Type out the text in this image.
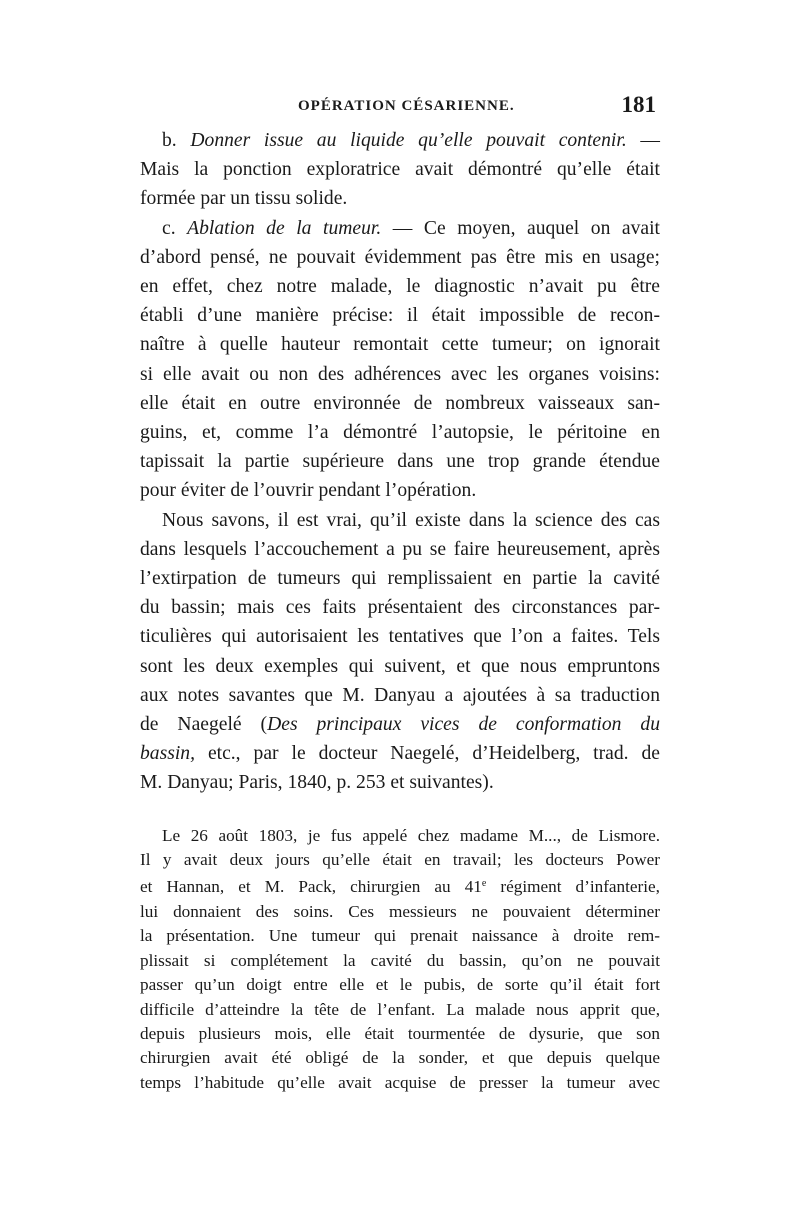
OPÉRATION CÉSARIENNE.	181
b. Donner issue au liquide qu’elle pouvait contenir. —
Mais la ponction exploratrice avait démontré qu’elle était
formée par un tissu solide.
c. Ablation de la tumeur. — Ce moyen, auquel on avait
d’abord pensé, ne pouvait évidemment pas être mis en usage;
en effet, chez notre malade, le diagnostic n’avait pu être
établi d’une manière précise: il était impossible de recon-
naître à quelle hauteur remontait cette tumeur; on ignorait
si elle avait ou non des adhérences avec les organes voisins:
elle était en outre environnée de nombreux vaisseaux san-
guins, et, comme l’a démontré l’autopsie, le péritoine en
tapissait la partie supérieure dans une trop grande étendue
pour éviter de l’ouvrir pendant l’opération.
Nous savons, il est vrai, qu’il existe dans la science des cas
dans lesquels l’accouchement a pu se faire heureusement, après
l’extirpation de tumeurs qui remplissaient en partie la cavité
du bassin; mais ces faits présentaient des circonstances par-
ticulières qui autorisaient les tentatives que l’on a faites. Tels
sont les deux exemples qui suivent, et que nous empruntons
aux notes savantes que M. Danyau a ajoutées à sa traduction
de Naegelé (Des principaux vices de conformation du
bassin, etc., par le docteur Naegelé, d’Heidelberg, trad. de
M. Danyau; Paris, 1840, p. 253 et suivantes).
Le 26 août 1803, je fus appelé chez madame M..., de Lismore.
Il y avait deux jours qu’elle était en travail; les docteurs Power
et Hannan, et M. Pack, chirurgien au 41e régiment d’infanterie,
lui donnaient des soins. Ces messieurs ne pouvaient déterminer
la présentation. Une tumeur qui prenait naissance à droite rem-
plissait si complétement la cavité du bassin, qu’on ne pouvait
passer qu’un doigt entre elle et le pubis, de sorte qu’il était fort
difficile d’atteindre la tête de l’enfant. La malade nous apprit que,
depuis plusieurs mois, elle était tourmentée de dysurie, que son
chirurgien avait été obligé de la sonder, et que depuis quelque
temps l’habitude qu’elle avait acquise de presser la tumeur avec
